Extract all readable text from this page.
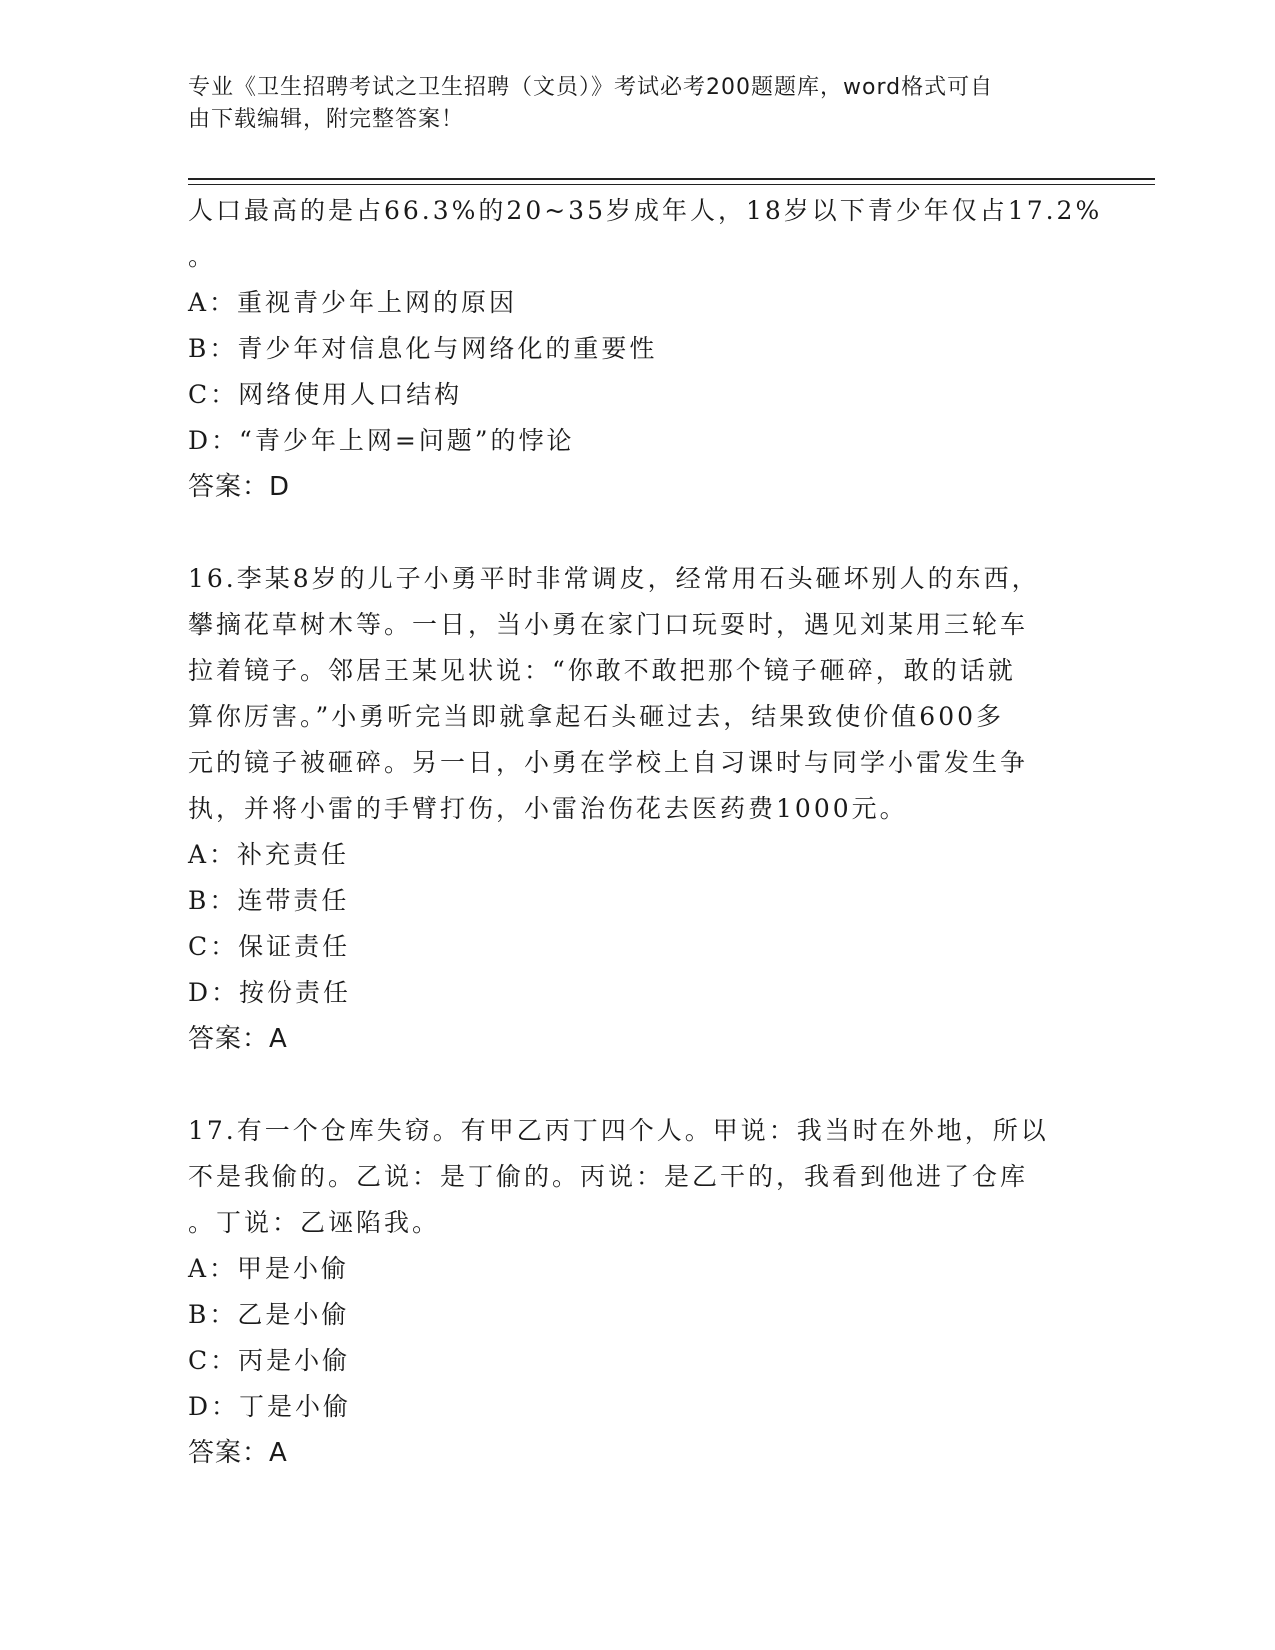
专业《卫生招聘考试之卫生招聘（文员）》考试必考200题题库，word格式可自
由下载编辑，附完整答案！
人口最高的是占66.3%的20~35岁成年人，18岁以下青少年仅占17.2%
。
A：重视青少年上网的原因
B：青少年对信息化与网络化的重要性
C：网络使用人口结构
D：“青少年上网=问题”的悖论
答案：D
16.李某8岁的儿子小勇平时非常调皮，经常用石头砸坏别人的东西，
攀摘花草树木等。一日，当小勇在家门口玩耍时，遇见刘某用三轮车
拉着镜子。邻居王某见状说：“你敢不敢把那个镜子砸碎，敢的话就
算你厉害。”小勇听完当即就拿起石头砸过去，结果致使价值600多
元的镜子被砸碎。另一日，小勇在学校上自习课时与同学小雷发生争
执，并将小雷的手臂打伤，小雷治伤花去医药费1000元。
A：补充责任
B：连带责任
C：保证责任
D：按份责任
答案：A
17.有一个仓库失窃。有甲乙丙丁四个人。甲说：我当时在外地，所以
不是我偷的。乙说：是丁偷的。丙说：是乙干的，我看到他进了仓库
。丁说：乙诬陷我。
A：甲是小偷
B：乙是小偷
C：丙是小偷
D：丁是小偷
答案：A
